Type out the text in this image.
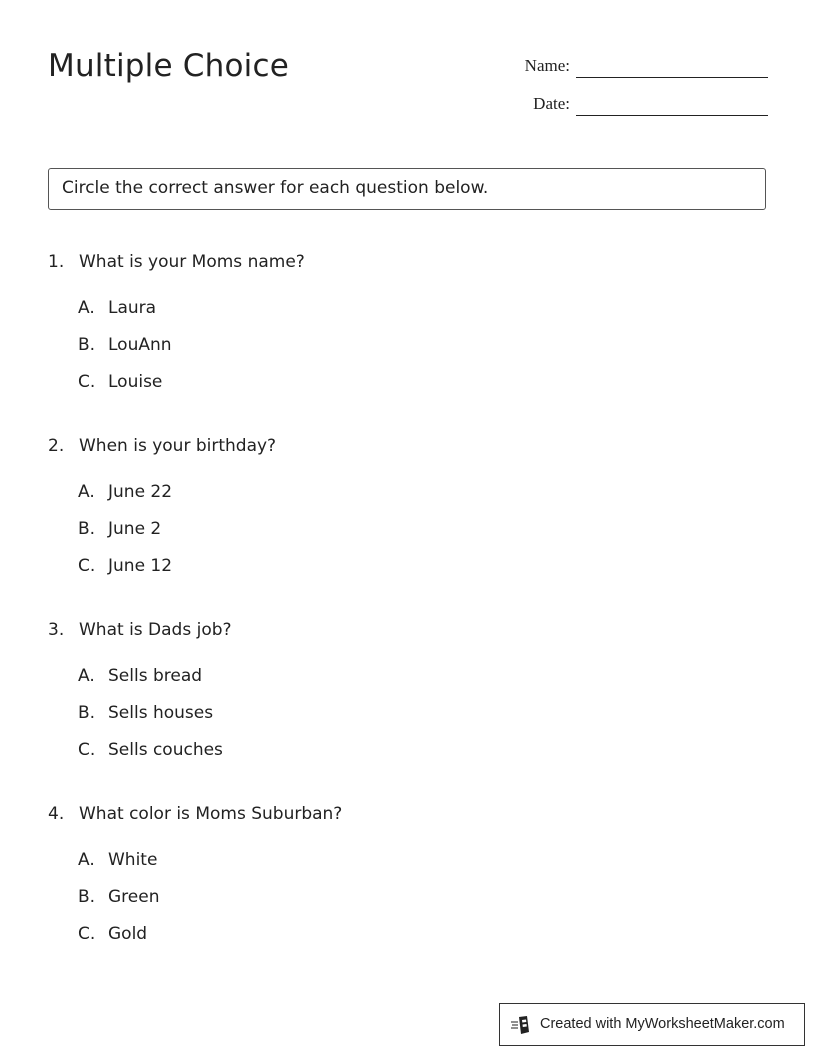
Multiple Choice	Name:
Date:
Circle the correct answer for each question below.
1. What is your Moms name?
A. Laura
B. LouAnn
C. Louise
2. When is your birthday?
A. June 22
B. June 2
C. June 12
3. What is Dads job?
A. Sells bread
B. Sells houses
C. Sells couches
4. What color is Moms Suburban?
A. White
B. Green
C. Gold
Created with MyWorksheetMaker.com
